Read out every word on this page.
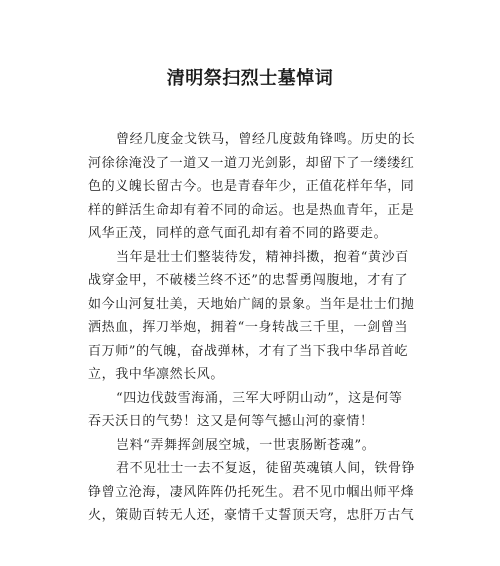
清明祭扫烈士墓悼词
曾经几度金戈铁马，曾经几度鼓角锋鸣。历史的长
河徐徐淹没了一道又一道刀光剑影，却留下了一缕缕红
色的义魄长留古今。也是青春年少，正值花样年华，同
样的鲜活生命却有着不同的命运。也是热血青年，正是
风华正茂，同样的意气面孔却有着不同的路要走。
当年是壮士们整装待发，精神抖擞，抱着“黄沙百
战穿金甲，不破楼兰终不还”的忠誓勇闯腹地，才有了
如今山河复壮美，天地始广阔的景象。当年是壮士们抛
洒热血，挥刀举炮，拥着“一身转战三千里，一剑曾当
百万师”的气魄，奋战弹林，才有了当下我中华昂首屹
立，我中华凛然长风。
“四边伐鼓雪海涌，三军大呼阴山动”，这是何等
吞天沃日的气势！这又是何等气撼山河的豪情！
岂料“弄舞挥剑展空城，一世衷肠断苍魂”。
君不见壮士一去不复返，徒留英魂镇人间，铁骨铮
铮曾立沧海，凄风阵阵仍托死生。君不见巾帼出师平烽
火，策勋百转无人还，豪情千丈誓顶天穹，忠肝万古气
